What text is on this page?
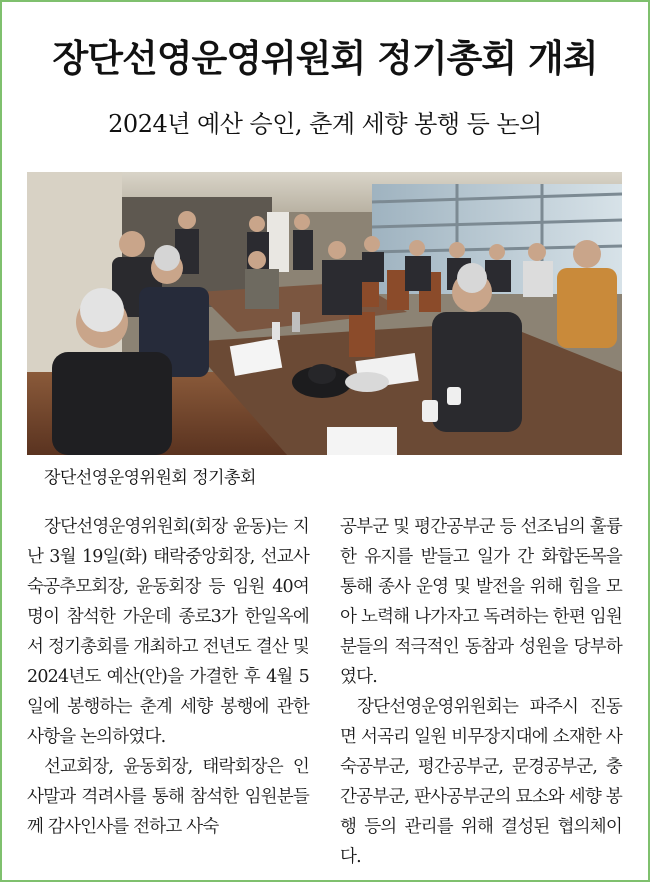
장단선영운영위원회 정기총회 개최
2024년 예산 승인, 춘계 세향 봉행 등 논의
장단선영운영위원회 정기총회

장단선영운영위원회(회장 윤동)는 지난 3월 19일(화) 태락중앙회장, 선교사숙공추모회장, 윤동회장 등 임원 40여명이 참석한 가운데 종로3가 한일옥에서 정기총회를 개최하고 전년도 결산 및 2024년도 예산(안)을 가결한 후 4월 5일에 봉행하는 춘계 세향 봉행에 관한 사항을 논의하였다.

선교회장, 윤동회장, 태락회장은 인사말과 격려사를 통해 참석한 임원분들께 감사인사를 전하고 사숙

공부군 및 평간공부군 등 선조님의 훌륭한 유지를 받들고 일가 간 화합돈목을 통해 종사 운영 및 발전을 위해 힘을 모아 노력해 나가자고 독려하는 한편 임원분들의 적극적인 동참과 성원을 당부하였다.

장단선영운영위원회는 파주시 진동면 서곡리 일원 비무장지대에 소재한 사숙공부군, 평간공부군, 문경공부군, 충간공부군, 판사공부군의 묘소와 세향 봉행 등의 관리를 위해 결성된 협의체이다.
